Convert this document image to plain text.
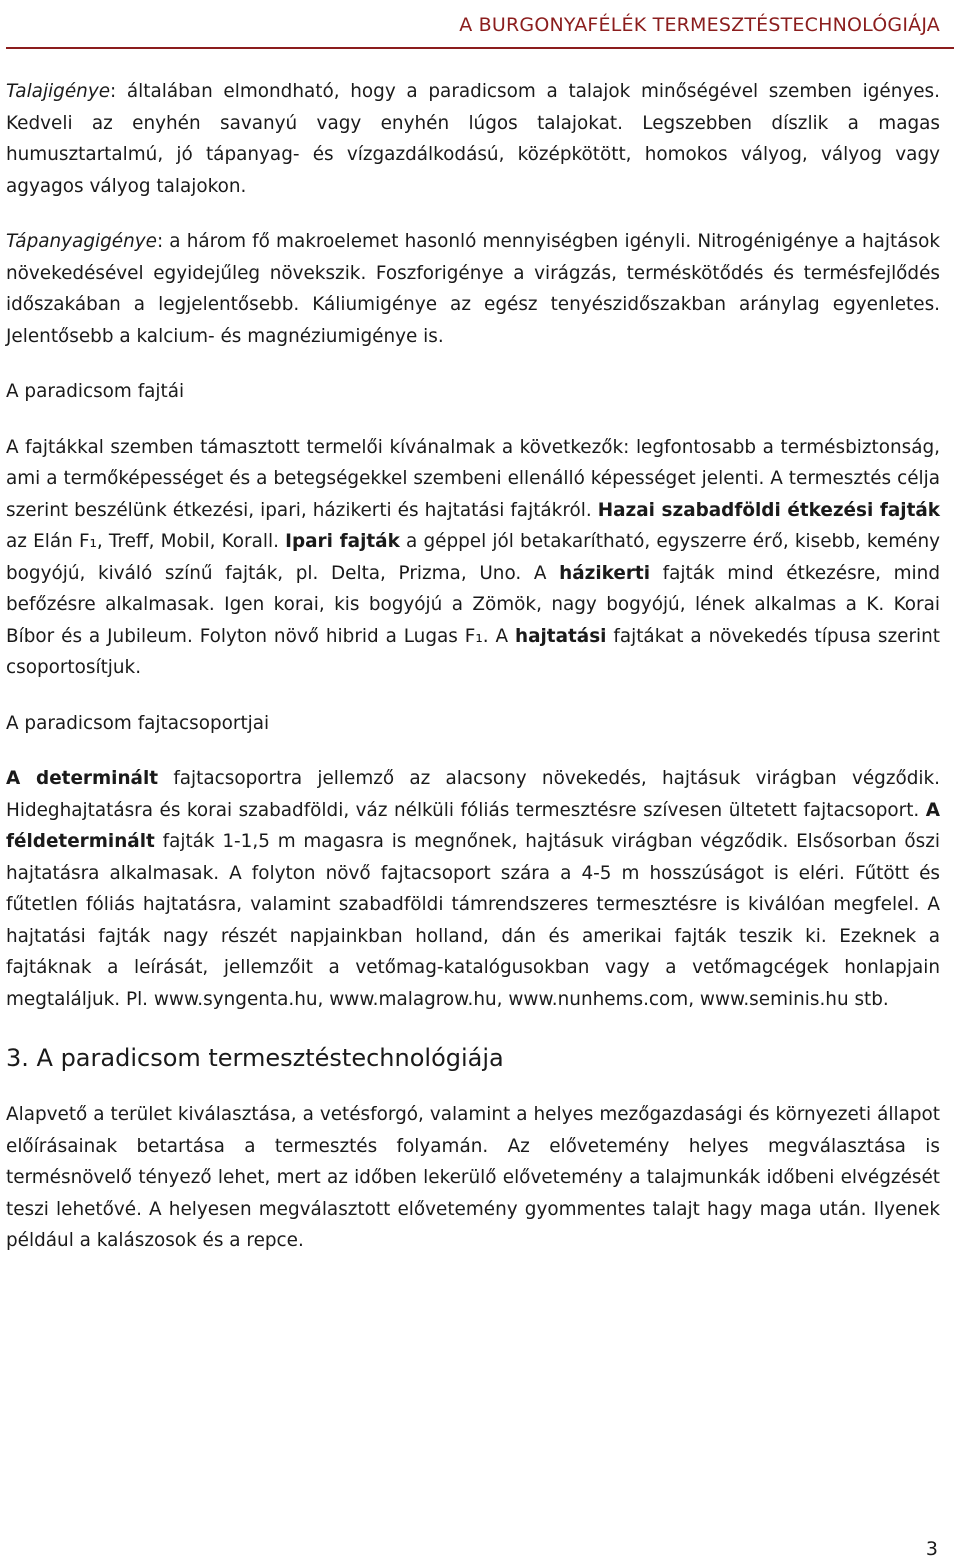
A BURGONYAFÉLÉK TERMESZTÉSTECHNOLÓGIÁJA

Talajigénye: általában elmondható, hogy a paradicsom a talajok minőségével szemben igényes. Kedveli az enyhén savanyú vagy enyhén lúgos talajokat. Legszebben díszlik a magas humusztartalmú, jó tápanyag- és vízgazdálkodású, középkötött, homokos vályog, vályog vagy agyagos vályog talajokon.

Tápanyagigénye: a három fő makroelemet hasonló mennyiségben igényli. Nitrogénigénye a hajtások növekedésével egyidejűleg növekszik. Foszforigénye a virágzás, terméskötődés és termésfejlődés időszakában a legjelentősebb. Káliumigénye az egész tenyészidőszakban aránylag egyenletes. Jelentősebb a kalcium- és magnéziumigénye is.

A paradicsom fajtái

A fajtákkal szemben támasztott termelői kívánalmak a következők: legfontosabb a termésbiztonság, ami a termőképességet és a betegségekkel szembeni ellenálló képességet jelenti. A termesztés célja szerint beszélünk étkezési, ipari, házikerti és hajtatási fajtákról. Hazai szabadföldi étkezési fajták az Elán F₁, Treff, Mobil, Korall. Ipari fajták a géppel jól betakarítható, egyszerre érő, kisebb, kemény bogyójú, kiváló színű fajták, pl. Delta, Prizma, Uno. A házikerti fajták mind étkezésre, mind befőzésre alkalmasak. Igen korai, kis bogyójú a Zömök, nagy bogyójú, lének alkalmas a K. Korai Bíbor és a Jubileum. Folyton növő hibrid a Lugas F₁. A hajtatási fajtákat a növekedés típusa szerint csoportosítjuk.

A paradicsom fajtacsoportjai

A determinált fajtacsoportra jellemző az alacsony növekedés, hajtásuk virágban végződik. Hideghajtatásra és korai szabadföldi, váz nélküli fóliás termesztésre szívesen ültetett fajtacsoport. A féldeterminált fajták 1-1,5 m magasra is megnőnek, hajtásuk virágban végződik. Elsősorban őszi hajtatásra alkalmasak. A folyton növő fajtacsoport szára a 4-5 m hosszúságot is eléri. Fűtött és fűtetlen fóliás hajtatásra, valamint szabadföldi támrendszeres termesztésre is kiválóan megfelel. A hajtatási fajták nagy részét napjainkban holland, dán és amerikai fajták teszik ki. Ezeknek a fajtáknak a leírását, jellemzőit a vetőmag-katalógusokban vagy a vetőmagcégek honlapjain megtaláljuk. Pl. www.syngenta.hu, www.malagrow.hu, www.nunhems.com, www.seminis.hu stb.

3. A paradicsom termesztéstechnológiája

Alapvető a terület kiválasztása, a vetésforgó, valamint a helyes mezőgazdasági és környezeti állapot előírásainak betartása a termesztés folyamán. Az elővetemény helyes megválasztása is termésnövelő tényező lehet, mert az időben lekerülő elővetemény a talajmunkák időbeni elvégzését teszi lehetővé. A helyesen megválasztott elővetemény gyommentes talajt hagy maga után. Ilyenek például a kalászosok és a repce.

3
